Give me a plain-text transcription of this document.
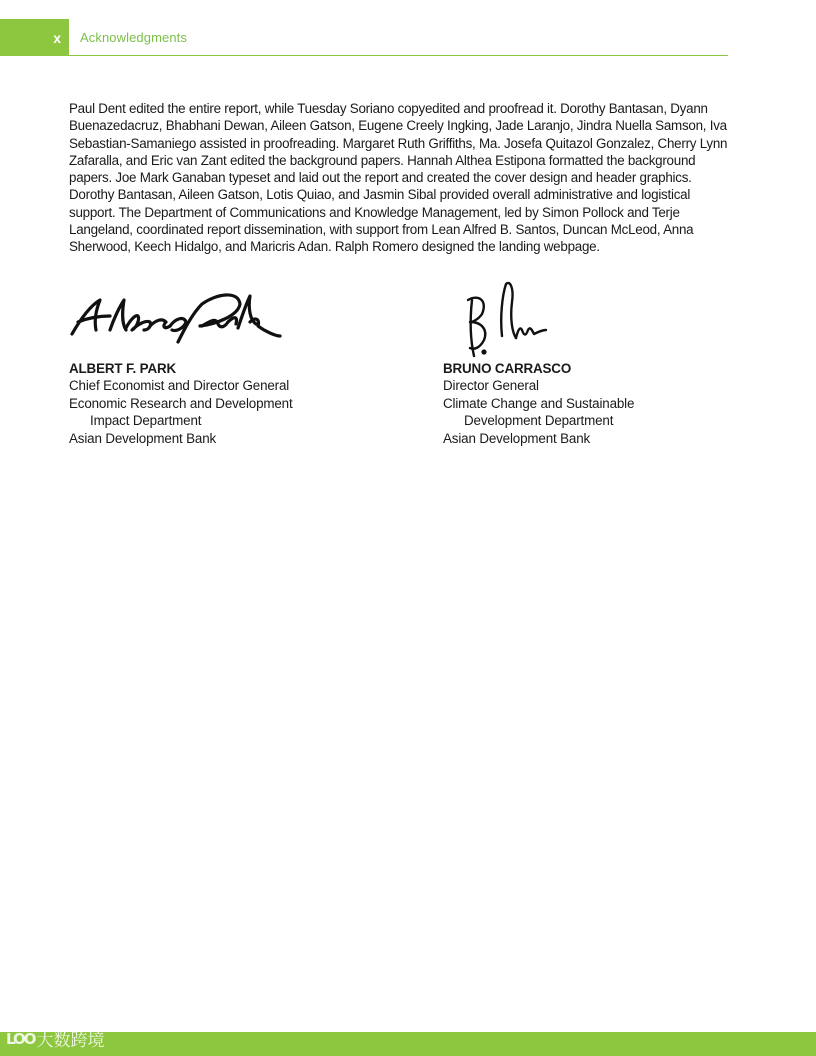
x Acknowledgments

Paul Dent edited the entire report, while Tuesday Soriano copyedited and proofread it. Dorothy Bantasan, Dyann Buenazedacruz, Bhabhani Dewan, Aileen Gatson, Eugene Creely Ingking, Jade Laranjo, Jindra Nuella Samson, Iva Sebastian-Samaniego assisted in proofreading. Margaret Ruth Griffiths, Ma. Josefa Quitazol Gonzalez, Cherry Lynn Zafaralla, and Eric van Zant edited the background papers. Hannah Althea Estipona formatted the background papers. Joe Mark Ganaban typeset and laid out the report and created the cover design and header graphics. Dorothy Bantasan, Aileen Gatson, Lotis Quiao, and Jasmin Sibal provided overall administrative and logistical support. The Department of Communications and Knowledge Management, led by Simon Pollock and Terje Langeland, coordinated report dissemination, with support from Lean Alfred B. Santos, Duncan McLeod, Anna Sherwood, Keech Hidalgo, and Maricris Adan. Ralph Romero designed the landing webpage.

ALBERT F. PARK
Chief Economist and Director General
Economic Research and Development
Impact Department
Asian Development Bank
BRUNO CARRASCO
Director General
Climate Change and Sustainable
Development Department
Asian Development Bank
LOO 大数跨境
